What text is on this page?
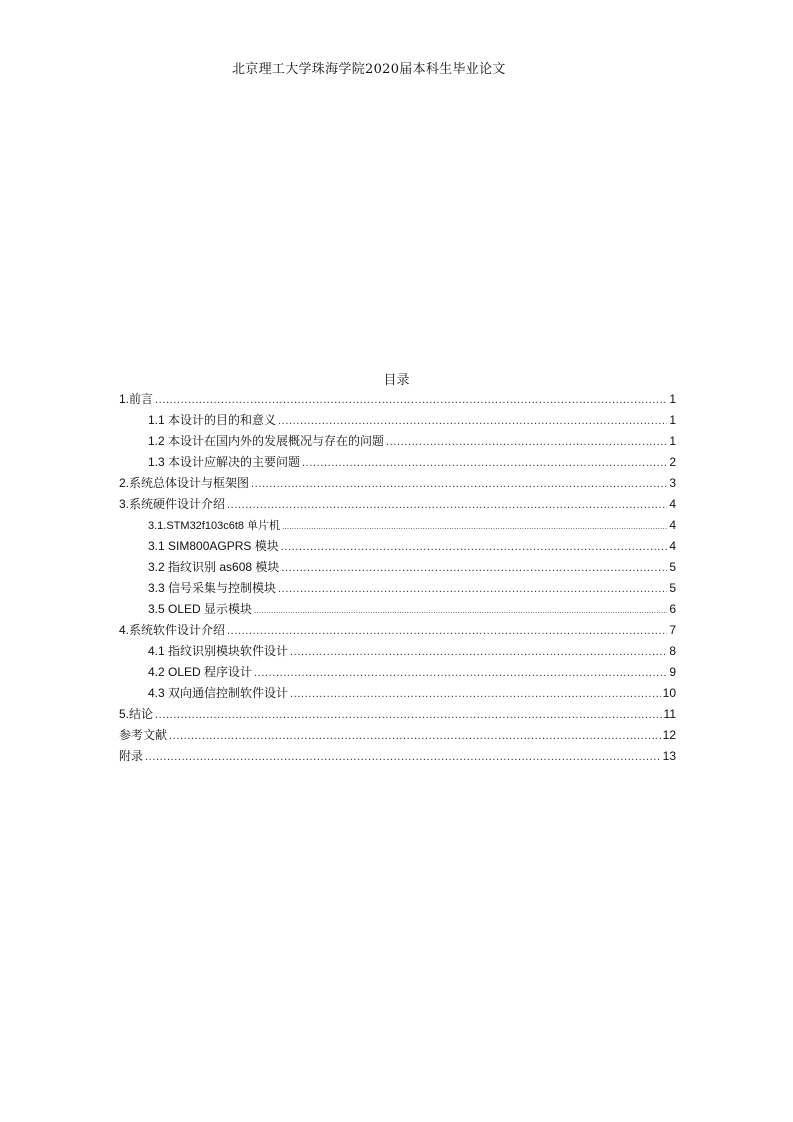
北京理工大学珠海学院2020届本科生毕业论文
目录
1.前言 .....	1
1.1 本设计的目的和意义 .....	1
1.2 本设计在国内外的发展概况与存在的问题 .....	1
1.3 本设计应解决的主要问题 .....	2
2.系统总体设计与框架图 .....	3
3.系统硬件设计介绍 .....	4
3.1.STM32f103c6t8 单片机 .....	4
3.1 SIM800AGPRS 模块 .....	4
3.2 指纹识别 as608 模块 .....	5
3.3 信号采集与控制模块 .....	5
3.5 OLED 显示模块 .....	6
4.系统软件设计介绍 .....	7
4.1 指纹识别模块软件设计 .....	8
4.2 OLED 程序设计 .....	9
4.3 双向通信控制软件设计 .....	10
5.结论 .....	11
参考文献 .....	12
附录 .....	13
